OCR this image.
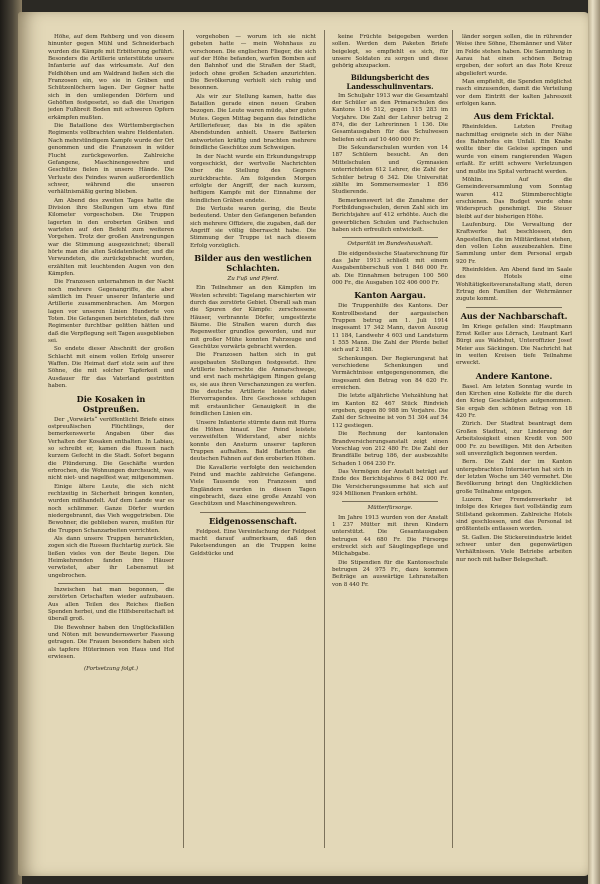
Höhe, auf dem Rehberg und von diesem hinunter gegen Mühl und Schneiderbach wurden die Kämpfe mit Erbitterung geführt. Besonders die Artillerie unterstützte unsere Infanterie auf das wirksamste. Auf den Feldhöhen und am Waldrand ließen sich die Franzosen ein, wo sie in Gräben und Schützenlöchern lagen. Der Gegner hatte sich in den umliegenden Dörfern und Gehöften festgesetzt, so daß die Unsrigen jeden Fußbreit Boden mit schweren Opfern erkämpfen mußten.

Die Bataillone des Württembergischen Regiments vollbrachten wahre Heldentaten. Nach mehrstündigem Kampfe wurde der Ort genommen und die Franzosen in wilder Flucht zurückgeworfen. Zahlreiche Gefangene, Maschinengewehre und Geschütze fielen in unsere Hände. Die Verluste des Feindes waren außerordentlich schwer, während die unseren verhältnismäßig gering blieben.

Am Abend des zweiten Tages hatte die Division ihre Stellungen um etwa fünf Kilometer vorgeschoben. Die Truppen lagerten in den eroberten Gräben und warteten auf den Befehl zum weiteren Vorgehen. Trotz der großen Anstrengungen war die Stimmung ausgezeichnet; überall hörte man die alten Soldatenlieder, und die Verwundeten, die zurückgebracht wurden, erzählten mit leuchtenden Augen von den Kämpfen.

Die Franzosen unternahmen in der Nacht noch mehrere Gegenangriffe, die aber sämtlich im Feuer unserer Infanterie und Artillerie zusammenbrachen. Am Morgen lagen vor unseren Linien Hunderte von Toten. Die Gefangenen berichteten, daß ihre Regimenter furchtbar gelitten hätten und daß die Verpflegung seit Tagen ausgeblieben sei.

So endete dieser Abschnitt der großen Schlacht mit einem vollen Erfolg unserer Waffen. Die Heimat darf stolz sein auf ihre Söhne, die mit solcher Tapferkeit und Ausdauer für das Vaterland gestritten haben.

Die Kosaken in Ostpreußen.

Der „Vorwärts“ veröffentlicht Briefe eines ostpreußischen Flüchtlings, der bemerkenswerte Angaben über das Verhalten der Kosaken enthalten. In Labiau, so schreibt er, kamen die Russen nach kurzem Gefecht in die Stadt. Sofort begann die Plünderung. Die Geschäfte wurden erbrochen, die Wohnungen durchsucht, was nicht niet- und nagelfest war, mitgenommen.

Einige ältere Leute, die sich nicht rechtzeitig in Sicherheit bringen konnten, wurden mißhandelt. Auf dem Lande war es noch schlimmer. Ganze Dörfer wurden niedergebrannt, das Vieh weggetrieben. Die Bewohner, die geblieben waren, mußten für die Truppen Schanzarbeiten verrichten.

Als dann unsere Truppen heranrückten, zogen sich die Russen fluchtartig zurück. Sie ließen vieles von der Beute liegen. Die Heimkehrenden fanden ihre Häuser verwüstet, aber ihr Lebensmut ist ungebrochen.

Inzwischen hat man begonnen, die zerstörten Ortschaften wieder aufzubauen. Aus allen Teilen des Reiches fließen Spenden herbei, und die Hilfsbereitschaft ist überall groß.

Die Bewohner haben den Unglücksfällen und Nöten mit bewundernswerter Fassung getragen. Die Frauen besonders haben sich als tapfere Hüterinnen von Haus und Hof erwiesen.

(Fortsetzung folgt.)

vorgehoben — worum ich sie nicht gebeten hatte — mein Wohnhaus zu verschonen. Die englischen Flieger, die sich auf der Höhe befanden, warfen Bomben auf den Bahnhof und die Straßen der Stadt, jedoch ohne großen Schaden anzurichten. Die Bevölkerung verhielt sich ruhig und besonnen.

Als wir zur Stellung kamen, hatte das Bataillon gerade einen neuen Graben bezogen. Die Leute waren müde, aber guten Mutes. Gegen Mittag begann das feindliche Artilleriefeuer, das bis in die späten Abendstunden anhielt. Unsere Batterien antworteten kräftig und brachten mehrere feindliche Geschütze zum Schweigen.

In der Nacht wurde ein Erkundungstrupp vorgeschickt, der wertvolle Nachrichten über die Stellung des Gegners zurückbrachte. Am folgenden Morgen erfolgte der Angriff, der nach kurzem, heftigem Kampfe mit der Einnahme der feindlichen Gräben endete.

Die Verluste waren gering, die Beute bedeutend. Unter den Gefangenen befanden sich mehrere Offiziere, die zugaben, daß der Angriff sie völlig überrascht habe. Die Stimmung der Truppe ist nach diesem Erfolg vorzüglich.

Bilder aus den westlichen Schlachten.
Zu Fuß und Pferd.

Ein Teilnehmer an den Kämpfen im Westen schreibt: Tagelang marschierten wir durch das zerstörte Gebiet. Überall sah man die Spuren der Kämpfe: zerschossene Häuser, verbrannte Dörfer, umgestürzte Bäume. Die Straßen waren durch das Regenwetter grundlos geworden, und nur mit großer Mühe konnten Fahrzeuge und Geschütze vorwärts gebracht werden.

Die Franzosen hatten sich in gut ausgebauten Stellungen festgesetzt. Ihre Artillerie beherrschte die Anmarschwege, und erst nach mehrtägigem Ringen gelang es, sie aus ihren Verschanzungen zu werfen. Die deutsche Artillerie leistete dabei Hervorragendes. Ihre Geschosse schlugen mit erstaunlicher Genauigkeit in die feindlichen Linien ein.

Unsere Infanterie stürmte dann mit Hurra die Höhen hinauf. Der Feind leistete verzweifelten Widerstand, aber nichts konnte den Ansturm unserer tapferen Truppen aufhalten. Bald flatterten die deutschen Fahnen auf den eroberten Höhen.

Die Kavallerie verfolgte den weichenden Feind und machte zahlreiche Gefangene. Viele Tausende von Franzosen und Engländern wurden in diesen Tagen eingebracht, dazu eine große Anzahl von Geschützen und Maschinengewehren.

Eidgenossenschaft.

Feldpost. Eine Vereinfachung der Feldpost macht darauf aufmerksam, daß den Paketsendungen an die Truppen keine Geldstücke und

keine Früchte beigegeben werden sollen. Werden dem Paketen Briefe beigelegt, so empfiehlt es sich, für unsere Soldaten zu sorgen und diese gehörig abzupacken.

Bildungsbericht des Landesschulinventars.

Im Schuljahr 1913 war die Gesamtzahl der Schüler an den Primarschulen des Kantons 116 512, gegen 115 283 im Vorjahre. Die Zahl der Lehrer betrug 2 874, die der Lehrerinnen 1 136. Die Gesamtausgaben für das Schulwesen beliefen sich auf 10 460 000 Fr.

Die Sekundarschulen wurden von 14 187 Schülern besucht. An den Mittelschulen und Gymnasien unterrichteten 612 Lehrer, die Zahl der Schüler betrug 6 342. Die Universität zählte im Sommersemester 1 856 Studierende.

Bemerkenswert ist die Zunahme der Fortbildungsschulen, deren Zahl sich im Berichtsjahre auf 412 erhöhte. Auch die gewerblichen Schulen und Fachschulen haben sich erfreulich entwickelt.

Ostparität im Bundeshaushalt.

Die eidgenössische Staatsrechnung für das Jahr 1913 schließt mit einem Ausgabenüberschuß von 1 846 000 Fr. ab. Die Einnahmen betrugen 100 560 000 Fr., die Ausgaben 102 406 000 Fr.

Kanton Aargau.

Die Truppenhilfe des Kantons. Der Kontrollbestand der aargauischen Truppen betrug am 1. Juli 1914 insgesamt 17 342 Mann, davon Auszug 11 184, Landwehr 4 603 und Landsturm 1 555 Mann. Die Zahl der Pferde belief sich auf 2 188.

Schenkungen. Der Regierungsrat hat verschiedene Schenkungen und Vermächtnisse entgegengenommen, die insgesamt den Betrag von 84 620 Fr. erreichen.

Die letzte alljährliche Viehzählung hat im Kanton 82 467 Stück Rindvieh ergeben, gegen 80 988 im Vorjahre. Die Zahl der Schweine ist von 51 304 auf 54 112 gestiegen.

Die Rechnung der kantonalen Brandversicherungsanstalt zeigt einen Vorschlag von 212 480 Fr. Die Zahl der Brandfälle betrug 186, der ausbezahlte Schaden 1 064 230 Fr.

Das Vermögen der Anstalt beträgt auf Ende des Berichtsjahres 6 842 000 Fr. Die Versicherungssumme hat sich auf 924 Millionen Franken erhöht.

Mütterfürsorge.

Im Jahre 1913 wurden von der Anstalt 1 237 Mütter mit ihren Kindern unterstützt. Die Gesamtausgaben betrugen 44 680 Fr. Die Fürsorge erstreckt sich auf Säuglingspflege und Milchabgabe.

Die Stipendien für die Kantonsschule betrugen 24 975 Fr., dazu kommen Beiträge an auswärtige Lehranstalten von 8 440 Fr.

länder sorgen sollen, die in rührender Weise ihre Söhne, Ehemänner und Väter im Felde stehen haben. Die Sammlung in Aarau hat einen schönen Betrag ergeben, der sofort an das Rote Kreuz abgeliefert wurde.

Man empfiehlt, die Spenden möglichst rasch einzusenden, damit die Verteilung vor dem Eintritt der kalten Jahreszeit erfolgen kann.

Aus dem Fricktal.

Rheinfelden. Letzten Freitag nachmittag ereignete sich in der Nähe des Bahnhofes ein Unfall. Ein Knabe wollte über die Geleise springen und wurde von einem rangierenden Wagen erfaßt. Er erlitt schwere Verletzungen und mußte ins Spital verbracht werden.

Möhlin. Auf die Gemeindeversammlung vom Sonntag waren 412 Stimmberechtigte erschienen. Das Budget wurde ohne Widerspruch genehmigt. Die Steuer bleibt auf der bisherigen Höhe.

Laufenburg. Die Verwaltung der Kraftwerke hat beschlossen, den Angestellten, die im Militärdienst stehen, den vollen Lohn auszubezahlen. Eine Sammlung unter dem Personal ergab 920 Fr.

Rheinfelden. Am Abend fand im Saale des Hotels eine Wohltätigkeitsveranstaltung statt, deren Ertrag den Familien der Wehrmänner zugute kommt.

Aus der Nachbarschaft.

Im Kriege gefallen sind: Hauptmann Ernst Keller aus Lörrach, Leutnant Karl Bürgi aus Waldshut, Unteroffizier Josef Meier aus Säckingen. Die Nachricht hat in weiten Kreisen tiefe Teilnahme erweckt.

Andere Kantone.

Basel. Am letzten Sonntag wurde in den Kirchen eine Kollekte für die durch den Krieg Geschädigten aufgenommen. Sie ergab den schönen Betrag von 18 420 Fr.

Zürich. Der Stadtrat beantragt dem Großen Stadtrat, zur Linderung der Arbeitslosigkeit einen Kredit von 500 000 Fr. zu bewilligen. Mit den Arbeiten soll unverzüglich begonnen werden.

Bern. Die Zahl der im Kanton untergebrachten Internierten hat sich in der letzten Woche um 340 vermehrt. Die Bevölkerung bringt den Unglücklichen große Teilnahme entgegen.

Luzern. Der Fremdenverkehr ist infolge des Krieges fast vollständig zum Stillstand gekommen. Zahlreiche Hotels sind geschlossen, und das Personal ist größtenteils entlassen worden.

St. Gallen. Die Stickereiindustrie leidet schwer unter den gegenwärtigen Verhältnissen. Viele Betriebe arbeiten nur noch mit halber Belegschaft.
